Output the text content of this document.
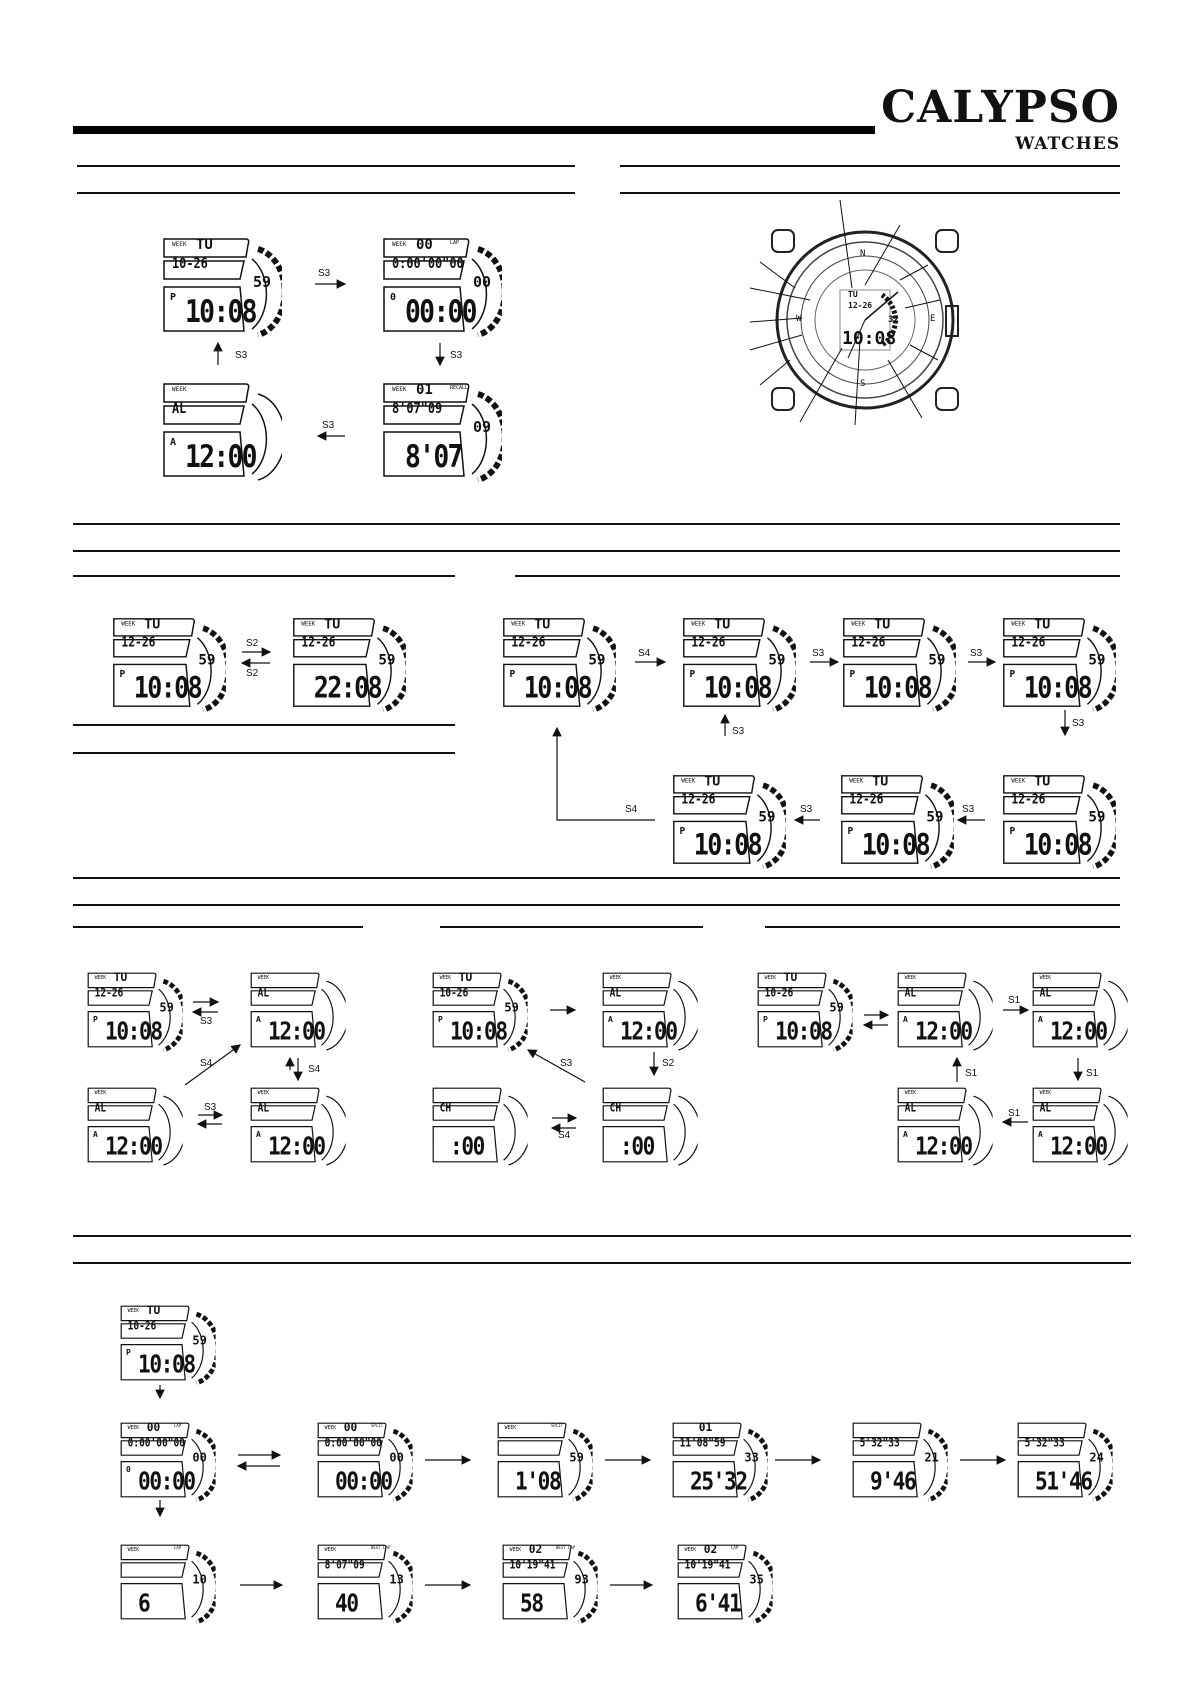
CALYPSO
WATCHES
TU
12-26
32
10:08
N
S
W	E
WEEK TU
10-26
59
P 10:08
WEEK 00
0:00'00"00
00
0 00:00
LAP
WEEK
AL
A 12:00
WEEK 01
8'07"09
09
8'07
RECALL
WEEK TU
12-26
59
P 10:08
WEEK TU
12-26
59
22:08
WEEK TU
12-26
59
P 10:08
WEEK TU
12-26
59
P 10:08
WEEK TU
12-26
59
P 10:08
WEEK TU
12-26
59
P 10:08
WEEK TU
12-26
59
P 10:08
WEEK TU
12-26
59
P 10:08
WEEK TU
12-26
59
P 10:08
WEEK TU
12-26
59
P 10:08
WEEK
AL
A 12:00
WEEK
AL
A 12:00
WEEK
AL
A 12:00
WEEK TU
10-26
59
P 10:08
WEEK
AL
A 12:00
CH
:00
CH
:00
WEEK TU
10-26
59
P 10:08
WEEK
AL
A 12:00
WEEK
AL
A 12:00
WEEK
AL
A 12:00
WEEK
AL
A 12:00
WEEK TU
10-26
59
P 10:08
WEEK 00
0:00'00"00
00
0 00:00
LAP	WEEK 00
0:00'00"00
00
00:00
SPLIT	WEEK
59
1'08
SPLIT	01
11'08"59
33
25'32
5'32"33
21
9'46
5'32"33
24
51'46
WEEK
10
6
LAP	WEEK
8'07"09
13
40
BEST LAP	WEEK 02
10'19"41
93
58
BEST LAP	WEEK 02
10'19"41
35
6'41
LAP
S3
S3
S3
S3
S2
S2
S4	S3	S3
S3
S3
S3
S3
S3
S4
S4
S3
S2
S3
S4
S1
S1
S1
S1
S4
